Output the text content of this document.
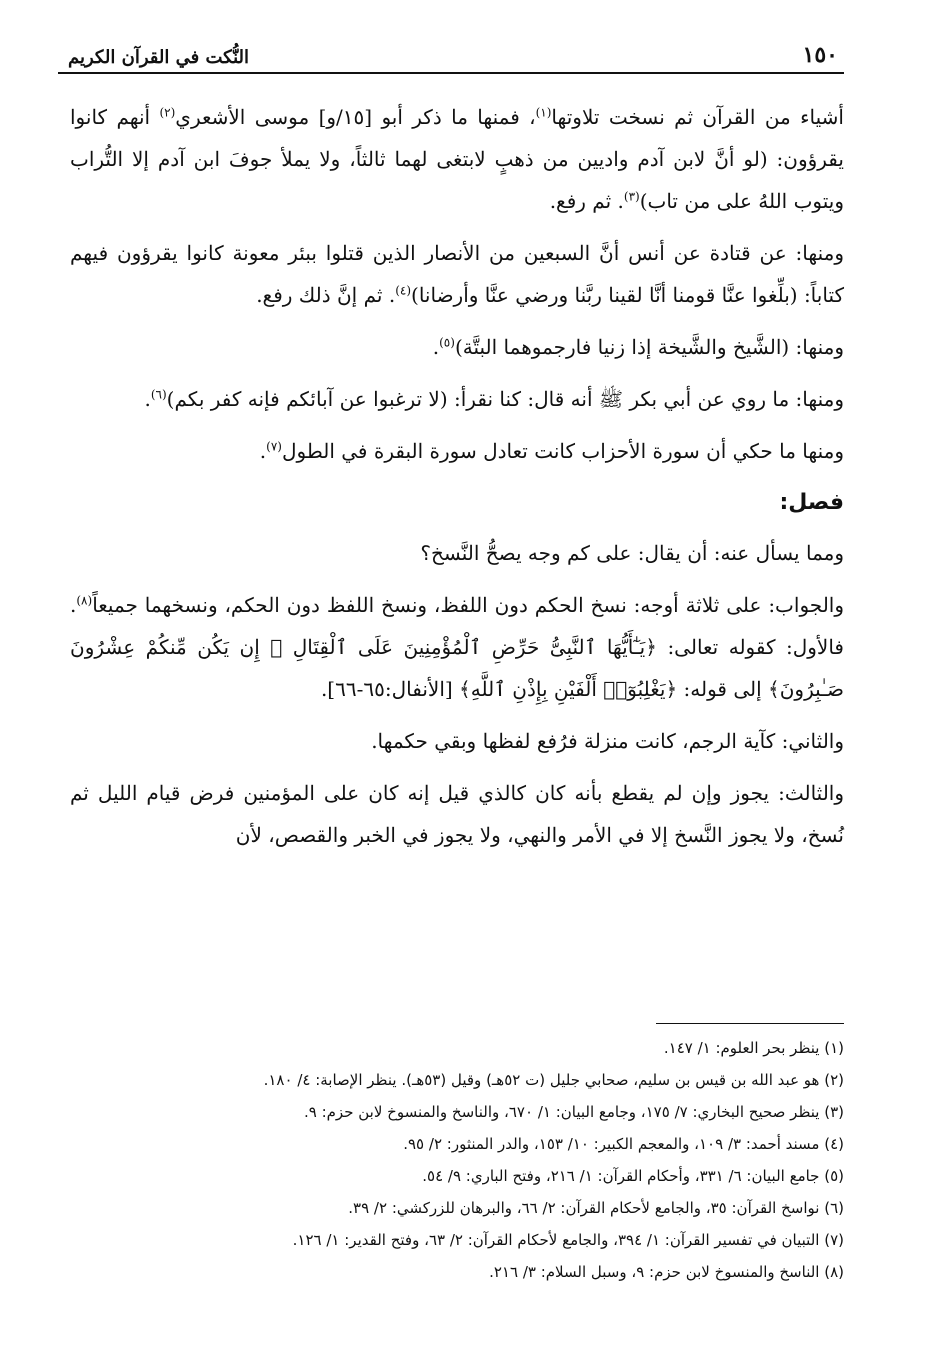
١٥٠
النُّكت في القرآن الكريم

أشياء من القرآن ثم نسخت تلاوتها$^{(١)}$، فمنها ما ذكر أبو [١٥/و] موسى الأشعري$^{(٢)}$ أنهم كانوا يقرؤون: (لو أنَّ لابن آدم واديين من ذهبٍ لابتغى لهما ثالثاً، ولا يملأ جوفَ ابن آدم إلا التُّراب ويتوب اللهُ على من تاب)$^{(٣)}$. ثم رفع.

ومنها: عن قتادة عن أنس أنَّ السبعين من الأنصار الذين قتلوا ببئر معونة كانوا يقرؤون فيهم كتاباً: (بلِّغوا عنَّا قومنا أنَّا لقينا ربَّنا ورضي عنَّا وأرضانا)$^{(٤)}$. ثم إنَّ ذلك رفع.

ومنها: (الشَّيخ والشَّيخة إذا زنيا فارجموهما البتَّة)$^{(٥)}$.

ومنها: ما روي عن أبي بكر ﷺ أنه قال: كنا نقرأ: (لا ترغبوا عن آبائكم فإنه كفر بكم)$^{(٦)}$.

ومنها ما حكي أن سورة الأحزاب كانت تعادل سورة البقرة في الطول$^{(٧)}$.

فصل:

ومما يسأل عنه: أن يقال: على كم وجه يصحُّ النَّسخ؟

والجواب: على ثلاثة أوجه: نسخ الحكم دون اللفظ، ونسخ اللفظ دون الحكم، ونسخهما جميعاً$^{(٨)}$. فالأول: كقوله تعالى: ﴿يَـٰٓأَيُّهَا ٱلنَّبِىُّ حَرِّضِ ٱلْمُؤْمِنِينَ عَلَى ٱلْقِتَالِ ۚ إِن يَكُن مِّنكُمْ عِشْرُونَ صَـٰبِرُونَ﴾ إلى قوله: ﴿يَغْلِبُوٓا۟ أَلْفَيْنِ بِإِذْنِ ٱللَّهِ﴾ [الأنفال:٦٥-٦٦].

والثاني: كآية الرجم، كانت منزلة فرُفع لفظها وبقي حكمها.

والثالث: يجوز وإن لم يقطع بأنه كان كالذي قيل إنه كان على المؤمنين فرض قيام الليل ثم نُسخ، ولا يجوز النَّسخ إلا في الأمر والنهي، ولا يجوز في الخبر والقصص، لأن

(١) ينظر بحر العلوم: ١/ ١٤٧.
(٢) هو عبد الله بن قيس بن سليم، صحابي جليل (ت ٥٢هـ) وقيل (٥٣هـ). ينظر الإصابة: ٤/ ١٨٠.
(٣) ينظر صحيح البخاري: ٧/ ١٧٥، وجامع البيان: ١/ ٦٧٠، والناسخ والمنسوخ لابن حزم: ٩.
(٤) مسند أحمد: ٣/ ١٠٩، والمعجم الكبير: ١٠/ ١٥٣، والدر المنثور: ٢/ ٩٥.
(٥) جامع البيان: ٦/ ٣٣١، وأحكام القرآن: ١/ ٢١٦، وفتح الباري: ٩/ ٥٤.
(٦) نواسخ القرآن: ٣٥، والجامع لأحكام القرآن: ٢/ ٦٦، والبرهان للزركشي: ٢/ ٣٩.
(٧) التبيان في تفسير القرآن: ١/ ٣٩٤، والجامع لأحكام القرآن: ٢/ ٦٣، وفتح القدير: ١/ ١٢٦.
(٨) الناسخ والمنسوخ لابن حزم: ٩، وسبل السلام: ٣/ ٢١٦.
